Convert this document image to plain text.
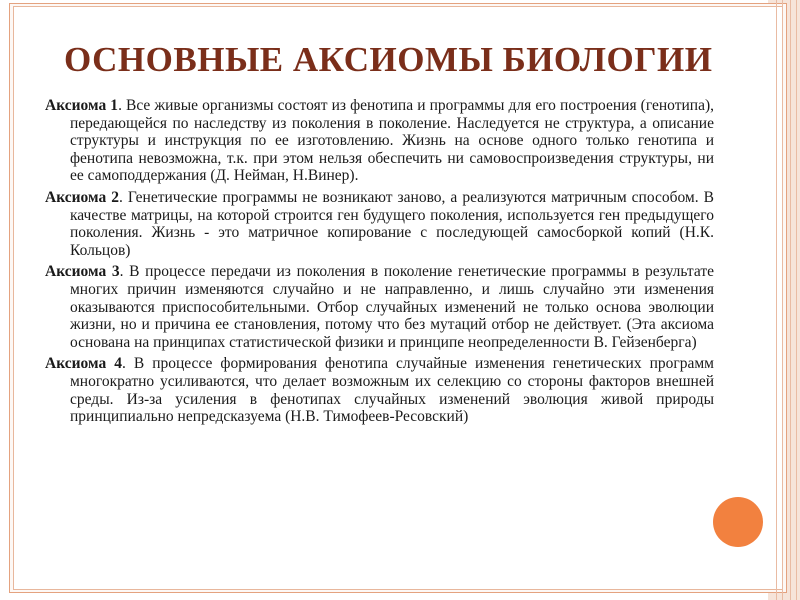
ОСНОВНЫЕ АКСИОМЫ БИОЛОГИИ

Аксиома 1. Все живые организмы состоят из фенотипа и программы для его построения (генотипа), передающейся по наследству из поколения в поколение. Наследуется не структура, а описание структуры и инструкция по ее изготовлению. Жизнь на основе одного только генотипа и фенотипа невозможна, т.к. при этом нельзя обеспечить ни самовоспроизведения структуры, ни ее самоподдержания (Д. Нейман, Н.Винер).

Аксиома 2. Генетические программы не возникают заново, а реализуются матричным способом. В качестве матрицы, на которой строится ген будущего поколения, используется ген предыдущего поколения. Жизнь - это матричное копирование с последующей самосборкой копий (Н.К. Кольцов)

Аксиома 3. В процессе передачи из поколения в поколение генетические программы в результате многих причин изменяются случайно и не направленно, и лишь случайно эти изменения оказываются приспособительными. Отбор случайных изменений не только основа эволюции жизни, но и причина ее становления, потому что без мутаций отбор не действует. (Эта аксиома основана на принципах статистической физики и принципе неопределенности В. Гейзенберга)

Аксиома 4. В процессе формирования фенотипа случайные изменения генетических программ многократно усиливаются, что делает возможным их селекцию со стороны факторов внешней среды. Из-за усиления в фенотипах случайных изменений эволюция живой природы принципиально непредсказуема (Н.В. Тимофеев-Ресовский)
